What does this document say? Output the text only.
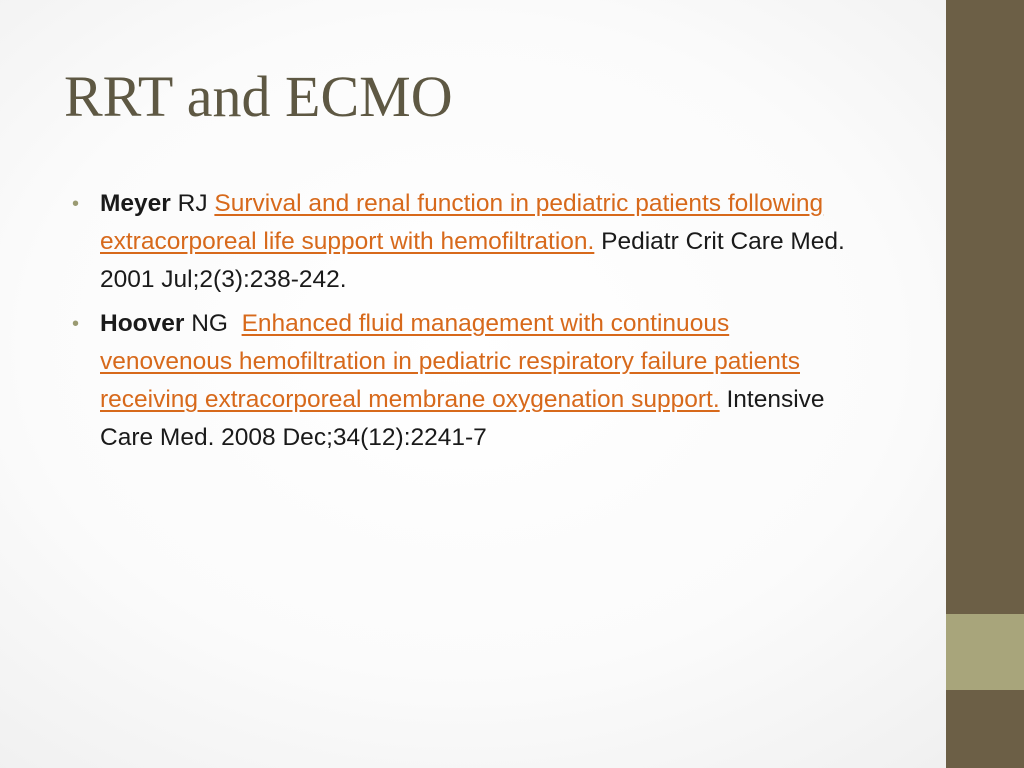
RRT and ECMO
• Meyer RJ Survival and renal function in pediatric patients following extracorporeal life support with hemofiltration. Pediatr Crit Care Med. 2001 Jul;2(3):238-242.
• Hoover NG  Enhanced fluid management with continuous venovenous hemofiltration in pediatric respiratory failure patients receiving extracorporeal membrane oxygenation support. Intensive Care Med. 2008 Dec;34(12):2241-7
